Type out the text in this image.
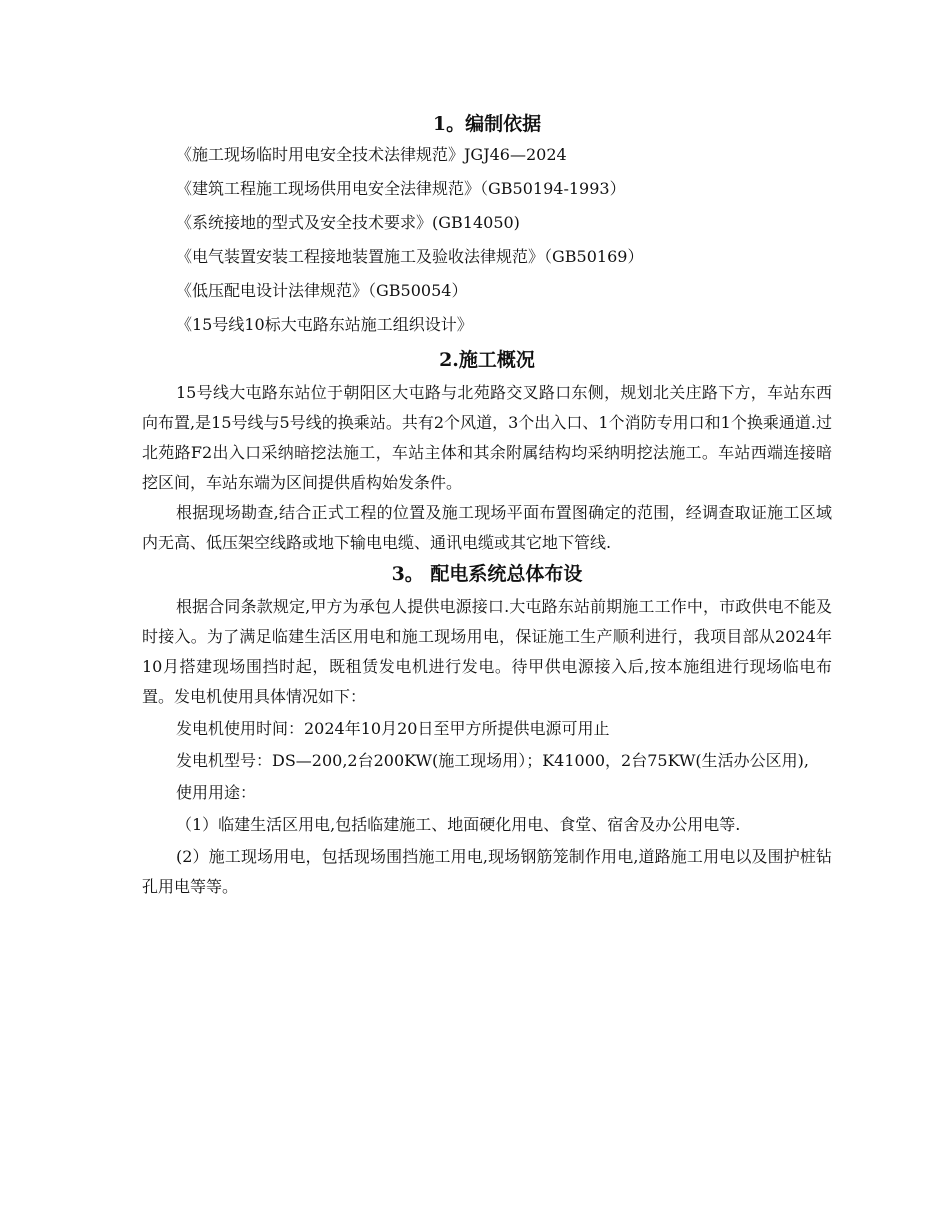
1。编制依据

《施工现场临时用电安全技术法律规范》JGJ46—2024

《建筑工程施工现场供用电安全法律规范》（GB50194-1993）

《系统接地的型式及安全技术要求》(GB14050)

《电气装置安装工程接地装置施工及验收法律规范》（GB50169）

《低压配电设计法律规范》（GB50054）

《15号线10标大屯路东站施工组织设计》

2.施工概况

15号线大屯路东站位于朝阳区大屯路与北苑路交叉路口东侧，规划北关庄路下方，车站东西向布置,是15号线与5号线的换乘站。共有2个风道，3个出入口、1个消防专用口和1个换乘通道.过北苑路F2出入口采纳暗挖法施工，车站主体和其余附属结构均采纳明挖法施工。车站西端连接暗挖区间，车站东端为区间提供盾构始发条件。

根据现场勘查,结合正式工程的位置及施工现场平面布置图确定的范围，经调查取证施工区域内无高、低压架空线路或地下输电电缆、通讯电缆或其它地下管线.

3。 配电系统总体布设

根据合同条款规定,甲方为承包人提供电源接口.大屯路东站前期施工工作中，市政供电不能及时接入。为了满足临建生活区用电和施工现场用电，保证施工生产顺利进行，我项目部从2024年10月搭建现场围挡时起，既租赁发电机进行发电。待甲供电源接入后,按本施组进行现场临电布置。发电机使用具体情况如下：

发电机使用时间：2024年10月20日至甲方所提供电源可用止

发电机型号：DS—200,2台200KW(施工现场用）；K41000，2台75KW(生活办公区用),

使用用途：

（1）临建生活区用电,包括临建施工、地面硬化用电、食堂、宿舍及办公用电等.

(2）施工现场用电，包括现场围挡施工用电,现场钢筋笼制作用电,道路施工用电以及围护桩钻孔用电等等。
